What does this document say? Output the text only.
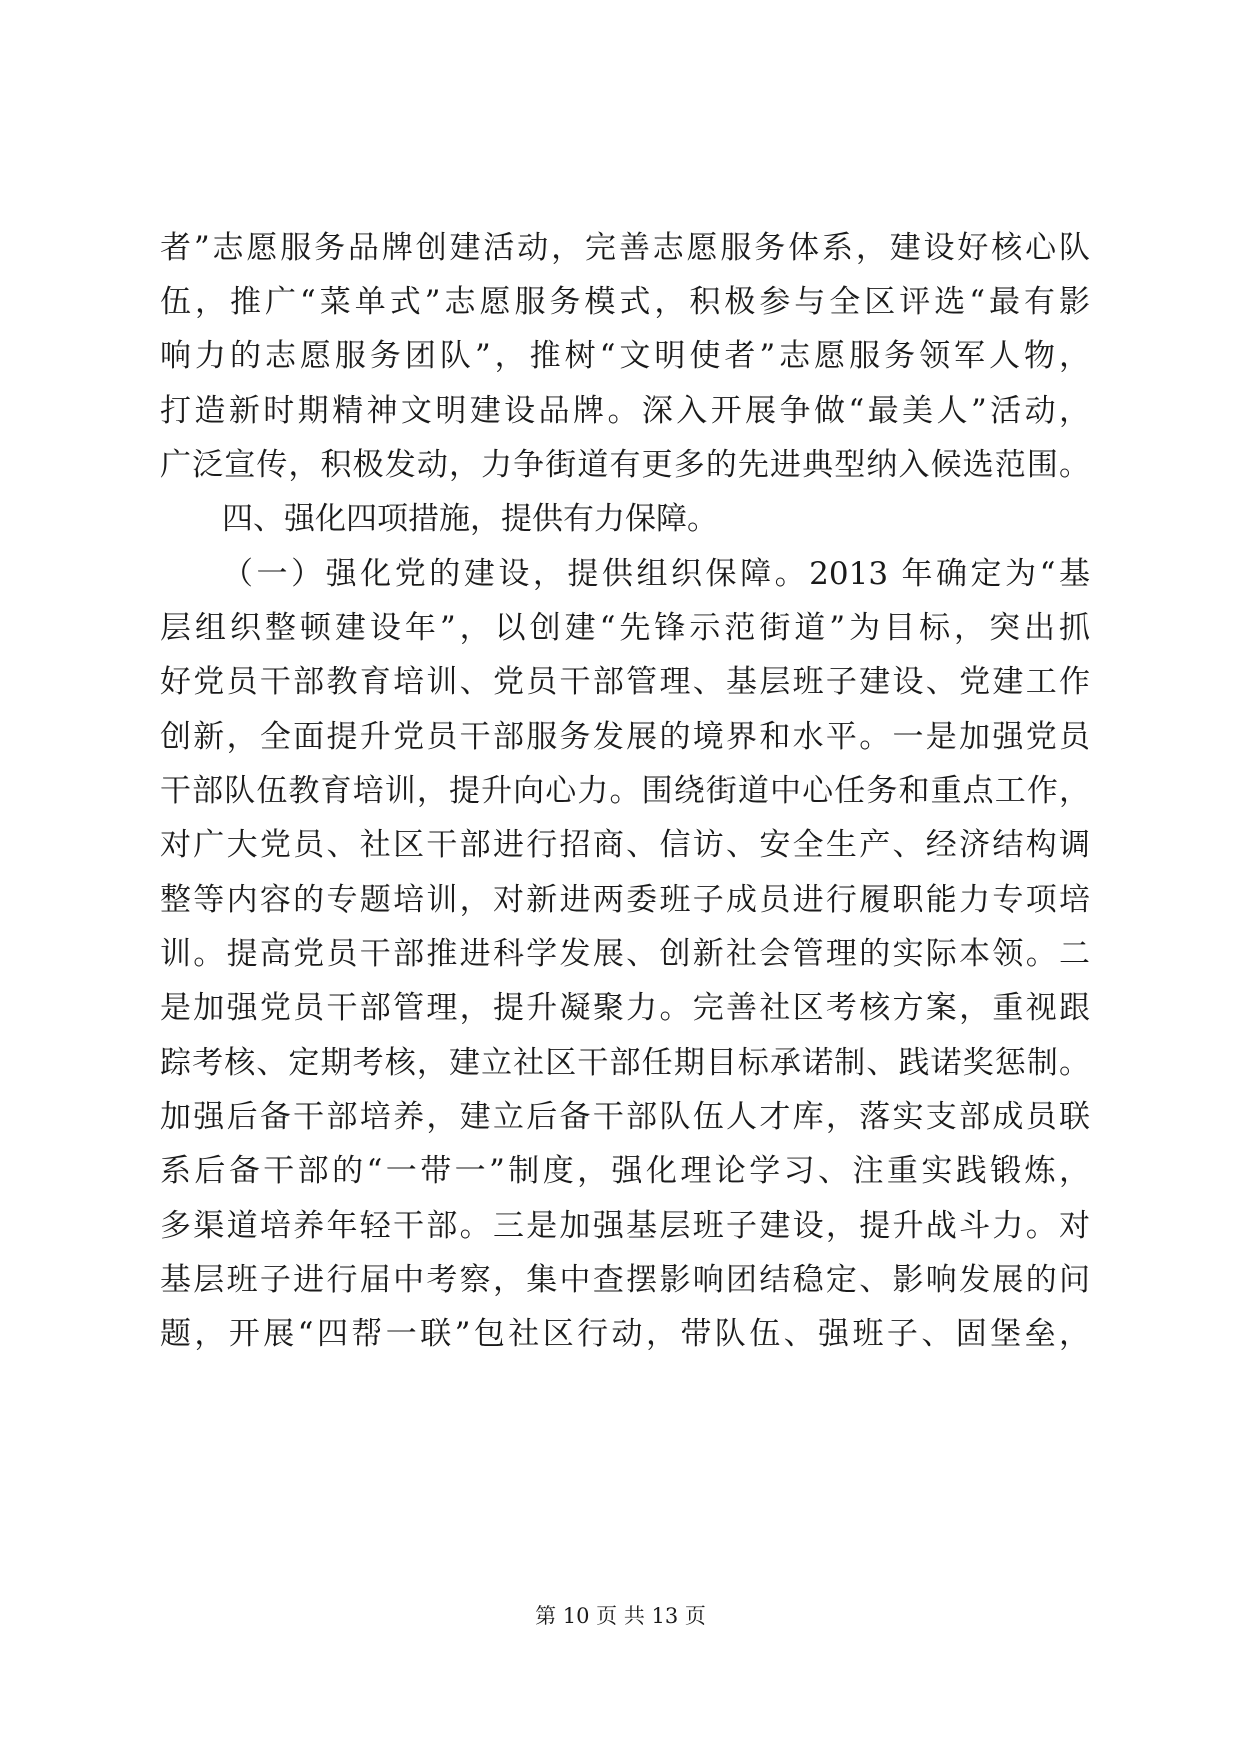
者”志愿服务品牌创建活动，完善志愿服务体系，建设好核心队
伍，推广“菜单式”志愿服务模式，积极参与全区评选“最有影
响力的志愿服务团队”，推树“文明使者”志愿服务领军人物，
打造新时期精神文明建设品牌。深入开展争做“最美人”活动，
广泛宣传，积极发动，力争街道有更多的先进典型纳入候选范围。
四、强化四项措施，提供有力保障。
（一）强化党的建设，提供组织保障。2013 年确定为“基
层组织整顿建设年”，以创建“先锋示范街道”为目标，突出抓
好党员干部教育培训、党员干部管理、基层班子建设、党建工作
创新，全面提升党员干部服务发展的境界和水平。一是加强党员
干部队伍教育培训，提升向心力。围绕街道中心任务和重点工作，
对广大党员、社区干部进行招商、信访、安全生产、经济结构调
整等内容的专题培训，对新进两委班子成员进行履职能力专项培
训。提高党员干部推进科学发展、创新社会管理的实际本领。二
是加强党员干部管理，提升凝聚力。完善社区考核方案，重视跟
踪考核、定期考核，建立社区干部任期目标承诺制、践诺奖惩制。
加强后备干部培养，建立后备干部队伍人才库，落实支部成员联
系后备干部的“一带一”制度，强化理论学习、注重实践锻炼，
多渠道培养年轻干部。三是加强基层班子建设，提升战斗力。对
基层班子进行届中考察，集中查摆影响团结稳定、影响发展的问
题，开展“四帮一联”包社区行动，带队伍、强班子、固堡垒，
第 10 页 共 13 页
